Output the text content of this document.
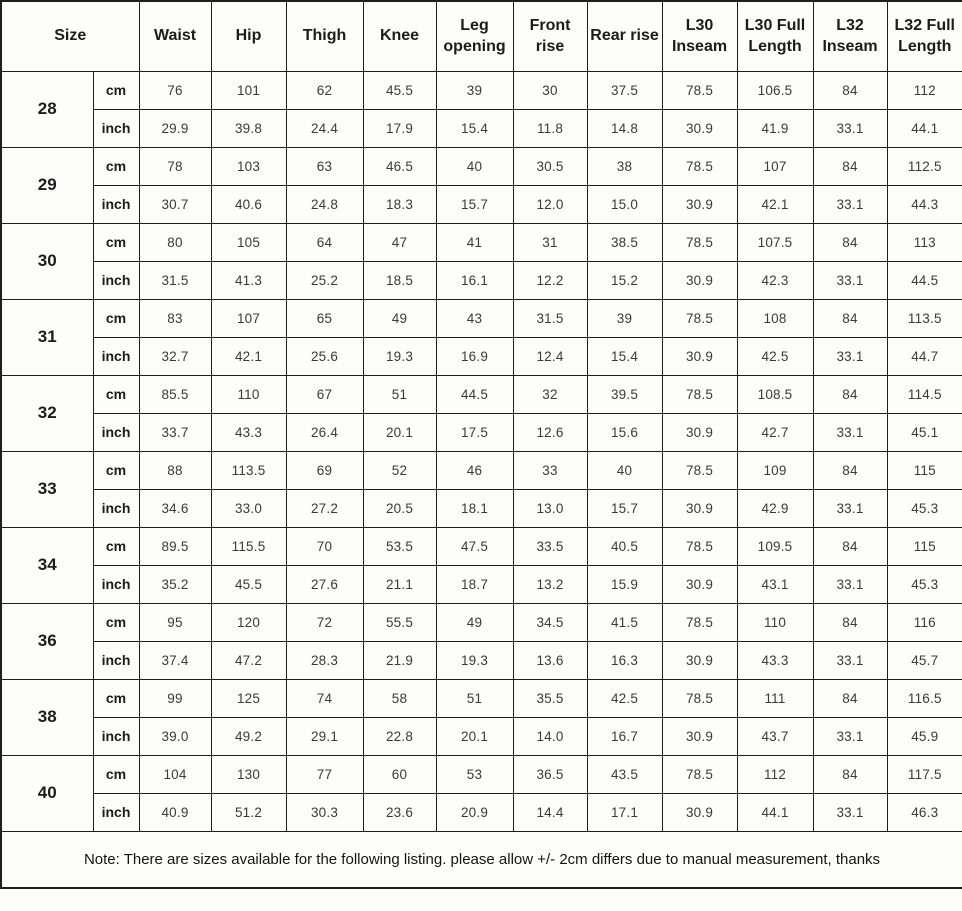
Size		Waist	Hip	Thigh	Knee	Leg opening	Front rise	Rear rise	L30 Inseam	L30 Full Length	L32 Inseam	L32 Full Length
28	cm	76	101	62	45.5	39	30	37.5	78.5	106.5	84	112
	inch	29.9	39.8	24.4	17.9	15.4	11.8	14.8	30.9	41.9	33.1	44.1
29	cm	78	103	63	46.5	40	30.5	38	78.5	107	84	112.5
	inch	30.7	40.6	24.8	18.3	15.7	12.0	15.0	30.9	42.1	33.1	44.3
30	cm	80	105	64	47	41	31	38.5	78.5	107.5	84	113
	inch	31.5	41.3	25.2	18.5	16.1	12.2	15.2	30.9	42.3	33.1	44.5
31	cm	83	107	65	49	43	31.5	39	78.5	108	84	113.5
	inch	32.7	42.1	25.6	19.3	16.9	12.4	15.4	30.9	42.5	33.1	44.7
32	cm	85.5	110	67	51	44.5	32	39.5	78.5	108.5	84	114.5
	inch	33.7	43.3	26.4	20.1	17.5	12.6	15.6	30.9	42.7	33.1	45.1
33	cm	88	113.5	69	52	46	33	40	78.5	109	84	115
	inch	34.6	33.0	27.2	20.5	18.1	13.0	15.7	30.9	42.9	33.1	45.3
34	cm	89.5	115.5	70	53.5	47.5	33.5	40.5	78.5	109.5	84	115
	inch	35.2	45.5	27.6	21.1	18.7	13.2	15.9	30.9	43.1	33.1	45.3
36	cm	95	120	72	55.5	49	34.5	41.5	78.5	110	84	116
	inch	37.4	47.2	28.3	21.9	19.3	13.6	16.3	30.9	43.3	33.1	45.7
38	cm	99	125	74	58	51	35.5	42.5	78.5	111	84	116.5
	inch	39.0	49.2	29.1	22.8	20.1	14.0	16.7	30.9	43.7	33.1	45.9
40	cm	104	130	77	60	53	36.5	43.5	78.5	112	84	117.5
	inch	40.9	51.2	30.3	23.6	20.9	14.4	17.1	30.9	44.1	33.1	46.3
Note: There are sizes available for the following listing. please allow +/- 2cm differs due to manual measurement, thanks												
